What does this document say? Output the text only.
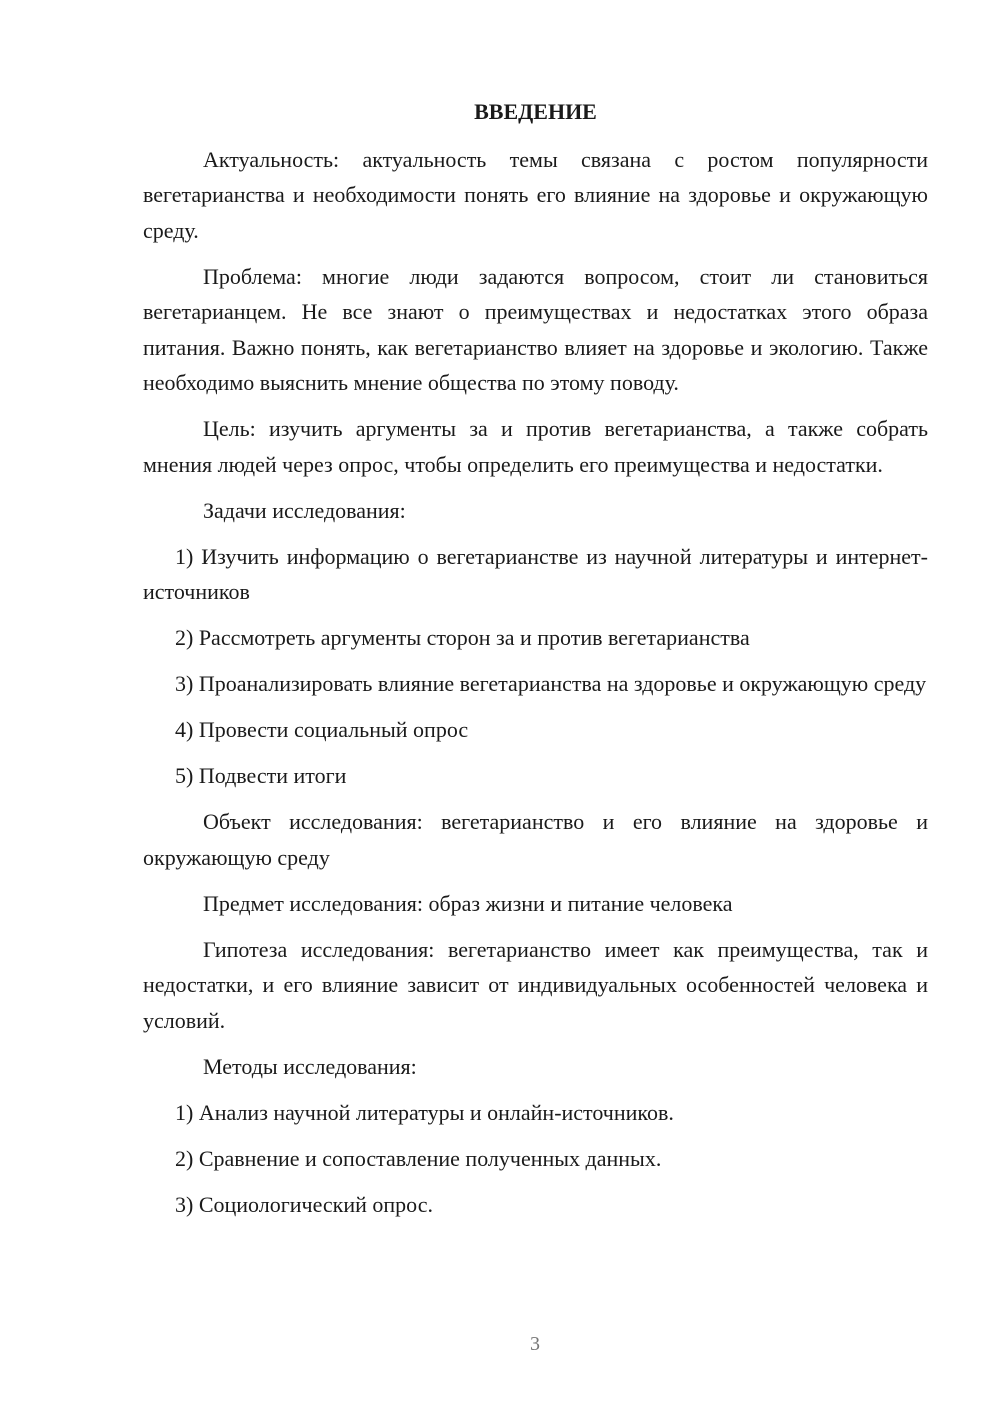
ВВЕДЕНИЕ

Актуальность: актуальность темы связана с ростом популярности вегетарианства и необходимости понять его влияние на здоровье и окружающую среду.

Проблема: многие люди задаются вопросом, стоит ли становиться вегетарианцем. Не все знают о преимуществах и недостатках этого образа питания. Важно понять, как вегетарианство влияет на здоровье и экологию. Также необходимо выяснить мнение общества по этому поводу.

Цель: изучить аргументы за и против вегетарианства, а также собрать мнения людей через опрос, чтобы определить его преимущества и недостатки.

Задачи исследования:

1) Изучить информацию о вегетарианстве из научной литературы и интернет-источников

2) Рассмотреть аргументы сторон за и против вегетарианства

3) Проанализировать влияние вегетарианства на здоровье и окружающую среду

4) Провести социальный опрос

5) Подвести итоги

Объект исследования: вегетарианство и его влияние на здоровье и окружающую среду

Предмет исследования: образ жизни и питание человека

Гипотеза исследования: вегетарианство имеет как преимущества, так и недостатки, и его влияние зависит от индивидуальных особенностей человека и условий.

Методы исследования:

1) Анализ научной литературы и онлайн-источников.

2) Сравнение и сопоставление полученных данных.

3) Социологический опрос.

3
